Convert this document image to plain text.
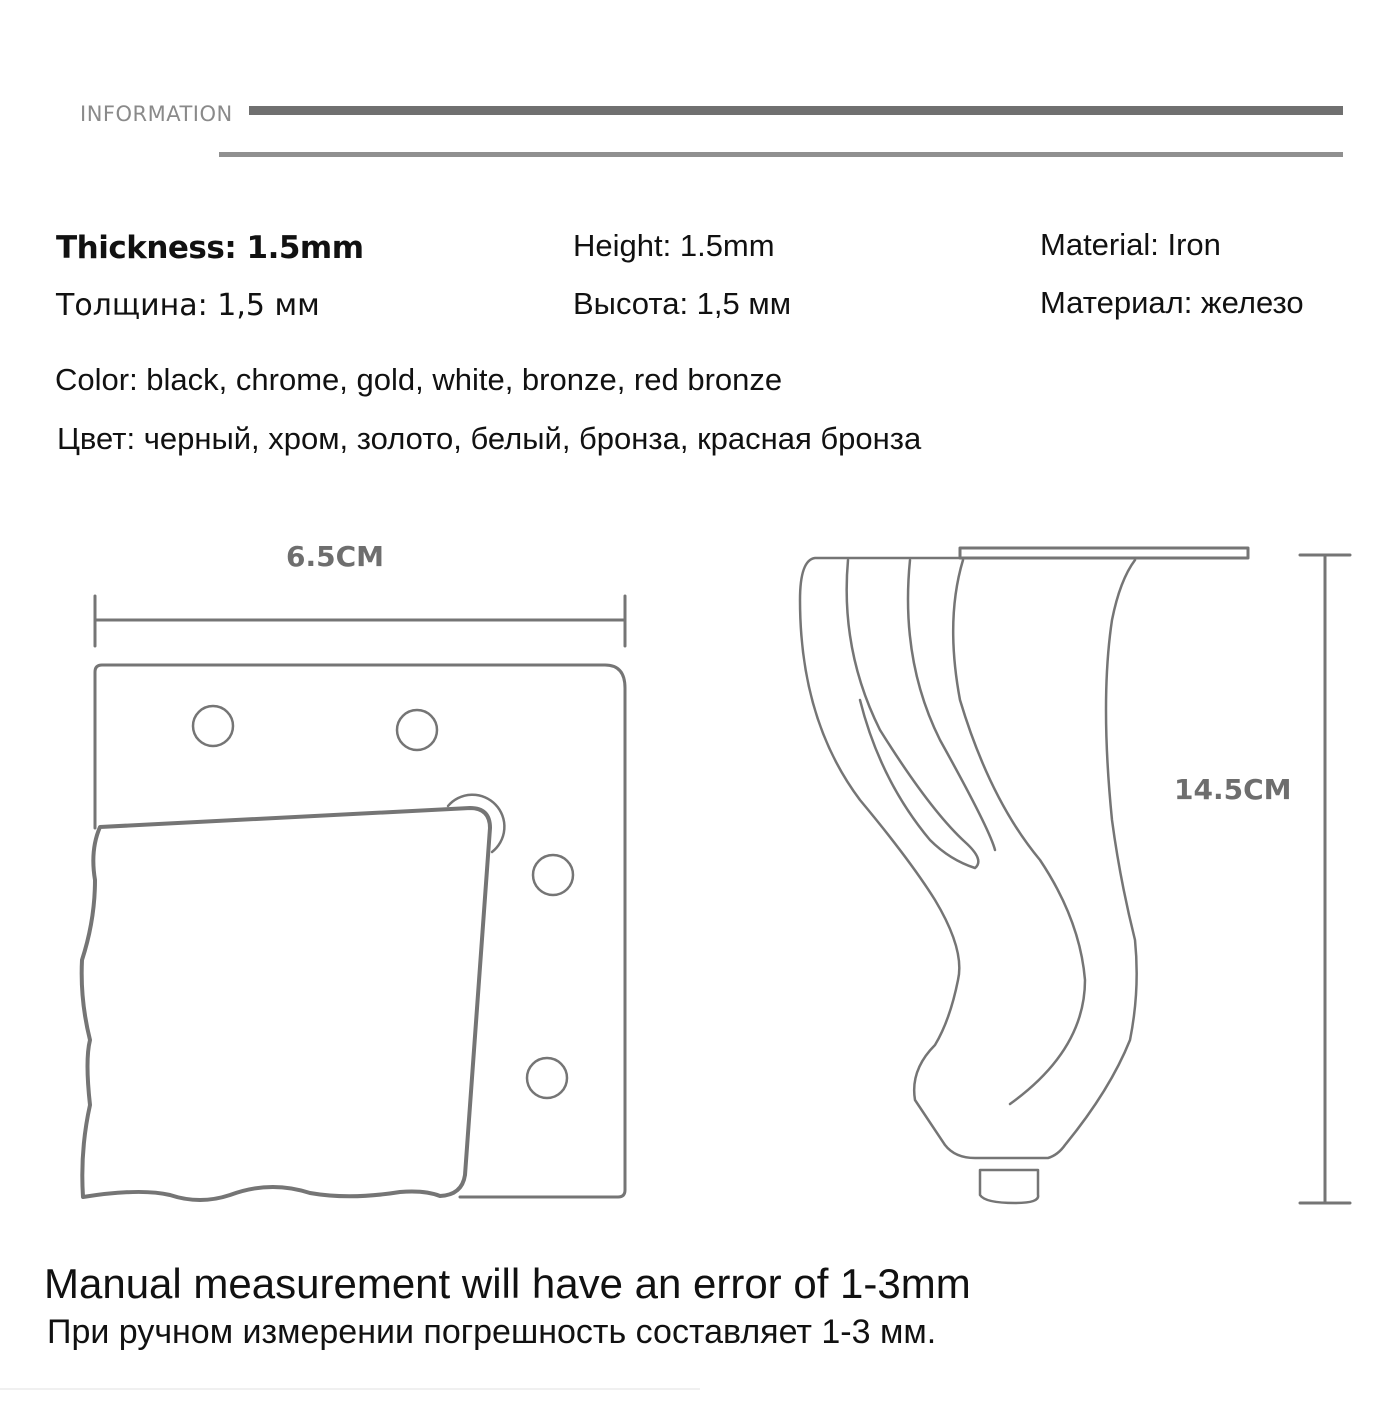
INFORMATION
Thickness: 1.5mm
Толщина: 1,5 мм
Height: 1.5mm
Высота: 1,5 мм
Material: Iron
Материал: железо
Color: black, chrome, gold, white, bronze, red bronze
Цвет: черный, хром, золото, белый, бронза, красная бронза
6.5CM
14.5CM
Manual measurement will have an error of 1-3mm
При ручном измерении погрешность составляет 1-3 мм.
